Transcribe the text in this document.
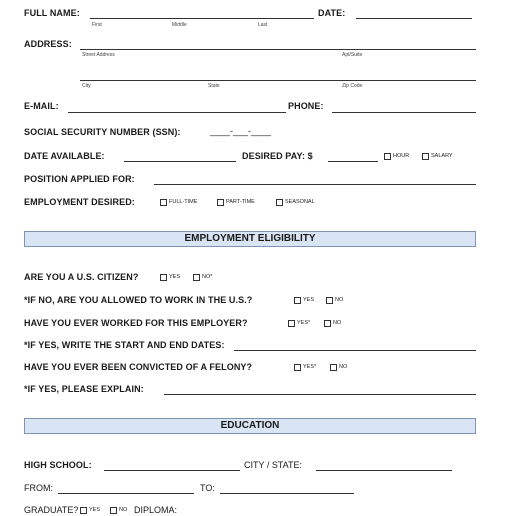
FULL NAME:
First	Middle	Last
DATE:
ADDRESS:
Street Address	Apt/Suite
City	State	Zip Code
E-MAIL:	PHONE:
SOCIAL SECURITY NUMBER (SSN):	____-___-____
DATE AVAILABLE:	DESIRED PAY: $	HOUR	SALARY
POSITION APPLIED FOR:
EMPLOYMENT DESIRED:	FULL-TIME	PART-TIME	SEASONAL
EMPLOYMENT ELIGIBILITY
ARE YOU A U.S. CITIZEN?	YES	NO*
*IF NO, ARE YOU ALLOWED TO WORK IN THE U.S.?	YES	NO
HAVE YOU EVER WORKED FOR THIS EMPLOYER?	YES*	NO
*IF YES, WRITE THE START AND END DATES:
HAVE YOU EVER BEEN CONVICTED OF A FELONY?	YES*	NO
*IF YES, PLEASE EXPLAIN:
EDUCATION
HIGH SCHOOL:	CITY / STATE:
FROM:	TO:
GRADUATE? YES	NO DIPLOMA:
